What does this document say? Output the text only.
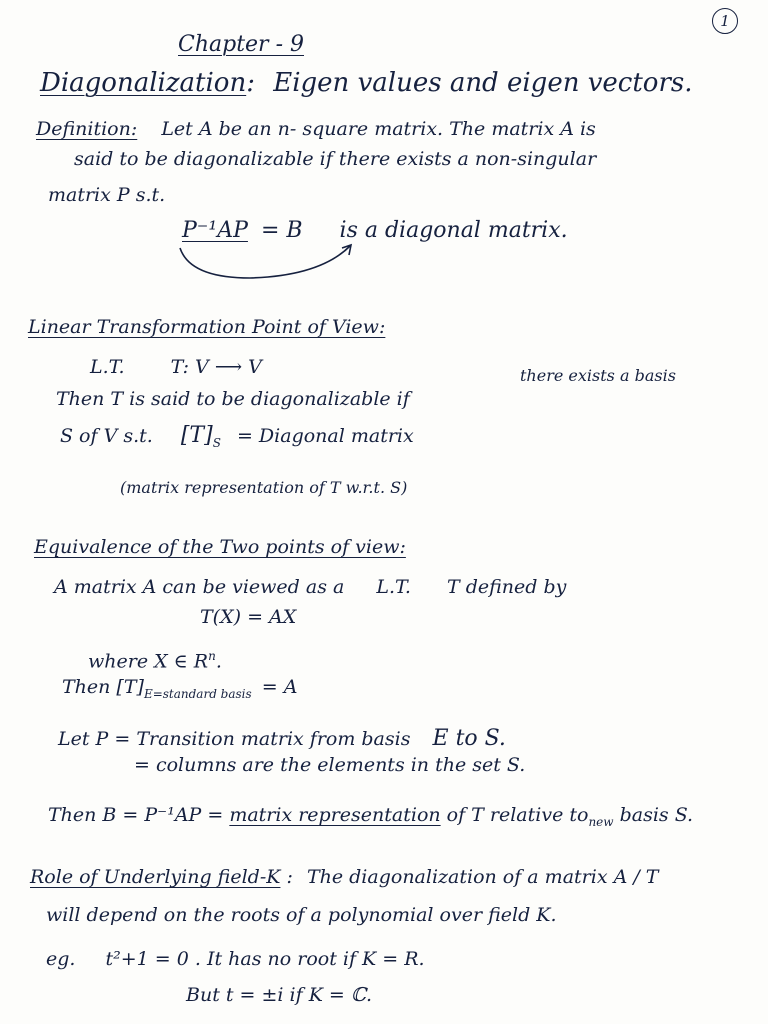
1
Chapter - 9
Diagonalization: Eigen values and eigen vectors.
Definition: Let A be an n- square matrix. The matrix A is
said to be diagonalizable if there exists a non-singular
matrix P s.t.
P⁻¹AP = B is a diagonal matrix.
Linear Transformation Point of View:
L.T. T: V ⟶ V
Then T is said to be diagonalizable if
there exists a basis
S of V s.t. $[T]_S$ = Diagonal matrix
(matrix representation of T w.r.t. S)
Equivalence of the Two points of view:
A matrix A can be viewed as a L.T. T defined by
T(X) = AX
where X ∈ $R^n$.
Then $[T]_{E=standard basis} = A$
Let P = Transition matrix from basis E to S.
= columns are the elements in the set S.
Then B = P⁻¹AP = matrix representation of T relative $to_{new}$ basis S.
Role of Underlying field-K : The diagonalization of a matrix A / T
will depend on the roots of a polynomial over field K.
eg. t²+1 = 0 . It has no root if K = R.
But t = ±i if K = ℂ.
